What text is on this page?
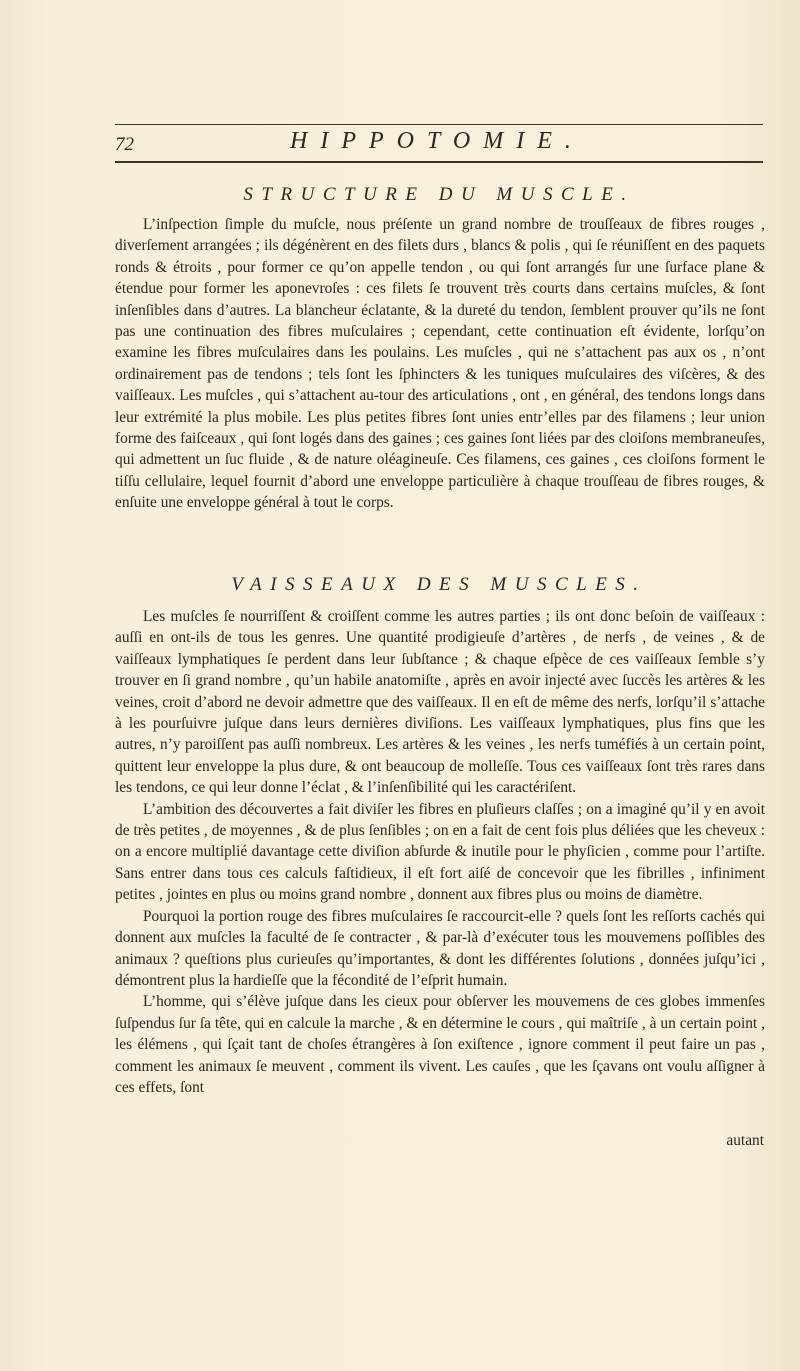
72	HIPPOTOMIE.
STRUCTURE DU MUSCLE.

L’inſpection ſimple du muſcle, nous préſente un grand nombre de trouſſeaux de fibres rouges , diverſement arrangées ; ils dégénèrent en des filets durs , blancs & polis , qui ſe réuniſſent en des paquets ronds & étroits , pour former ce qu’on appelle tendon , ou qui ſont arrangés ſur une ſurface plane & étendue pour former les aponevroſes : ces filets ſe trouvent très courts dans certains muſcles, & ſont inſenſibles dans d’autres. La blancheur éclatante, & la dureté du tendon, ſemblent prouver qu’ils ne ſont pas une continuation des fibres muſculaires ; cependant, cette continuation eſt évidente, lorſqu’on examine les fibres muſculaires dans les poulains. Les muſcles , qui ne s’attachent pas aux os , n’ont ordinairement pas de tendons ; tels ſont les ſphincters & les tuniques muſculaires des viſcères, & des vaiſſeaux. Les muſcles , qui s’attachent au-tour des articulations , ont , en général, des tendons longs dans leur extrémité la plus mobile. Les plus petites fibres ſont unies entr’elles par des filamens ; leur union forme des faiſceaux , qui ſont logés dans des gaines ; ces gaines ſont liées par des cloiſons membraneuſes, qui admettent un ſuc fluide , & de nature oléagineuſe. Ces filamens, ces gaines , ces cloiſons forment le tiſſu cellulaire, lequel fournit d’abord une enveloppe particulière à chaque trouſſeau de fibres rouges, & enſuite une enveloppe général à tout le corps.

VAISSEAUX DES MUSCLES.

Les muſcles ſe nourriſſent & croiſſent comme les autres parties ; ils ont donc beſoin de vaiſſeaux : auſſi en ont-ils de tous les genres. Une quantité prodigieuſe d’artères , de nerfs , de veines , & de vaiſſeaux lymphatiques ſe perdent dans leur ſubſtance ; & chaque eſpèce de ces vaiſſeaux ſemble s’y trouver en ſi grand nombre , qu’un habile anatomiſte , après en avoir injecté avec ſuccès les artères & les veines, croit d’abord ne devoir admettre que des vaiſſeaux. Il en eſt de même des nerfs, lorſqu’il s’attache à les pourſuivre juſque dans leurs dernières diviſions. Les vaiſſeaux lymphatiques, plus fins que les autres, n’y paroiſſent pas auſſi nombreux. Les artères & les veines , les nerfs tuméfiés à un certain point, quittent leur enveloppe la plus dure, & ont beaucoup de molleſſe. Tous ces vaiſſeaux ſont très rares dans les tendons, ce qui leur donne l’éclat , & l’inſenſibilité qui les caractériſent.

L’ambition des découvertes a fait diviſer les fibres en pluſieurs claſſes ; on a imaginé qu’il y en avoit de très petites , de moyennes , & de plus ſenſibles ; on en a fait de cent fois plus déliées que les cheveux : on a encore multiplié davantage cette diviſion abſurde & inutile pour le phyſicien , comme pour l’artiſte. Sans entrer dans tous ces calculs faſtidieux, il eſt fort aiſé de concevoir que les fibrilles , infiniment petites , jointes en plus ou moins grand nombre , donnent aux fibres plus ou moins de diamètre.

Pourquoi la portion rouge des fibres muſculaires ſe raccourcit-elle ? quels ſont les reſſorts cachés qui donnent aux muſcles la faculté de ſe contracter , & par-là d’exécuter tous les mouvemens poſſibles des animaux ? queſtions plus curieuſes qu’importantes, & dont les différentes ſolutions , données juſqu’ici , démontrent plus la hardieſſe que la fécondité de l’eſprit humain.

L’homme, qui s’élève juſque dans les cieux pour obſerver les mouvemens de ces globes immenſes ſuſpendus ſur ſa tête, qui en calcule la marche , & en détermine le cours , qui maîtriſe , à un certain point , les élémens , qui ſçait tant de choſes étrangères à ſon exiſtence , ignore comment il peut faire un pas , comment les animaux ſe meuvent , comment ils vivent. Les cauſes , que les ſçavans ont voulu aſſigner à ces effets, ſont

autant
